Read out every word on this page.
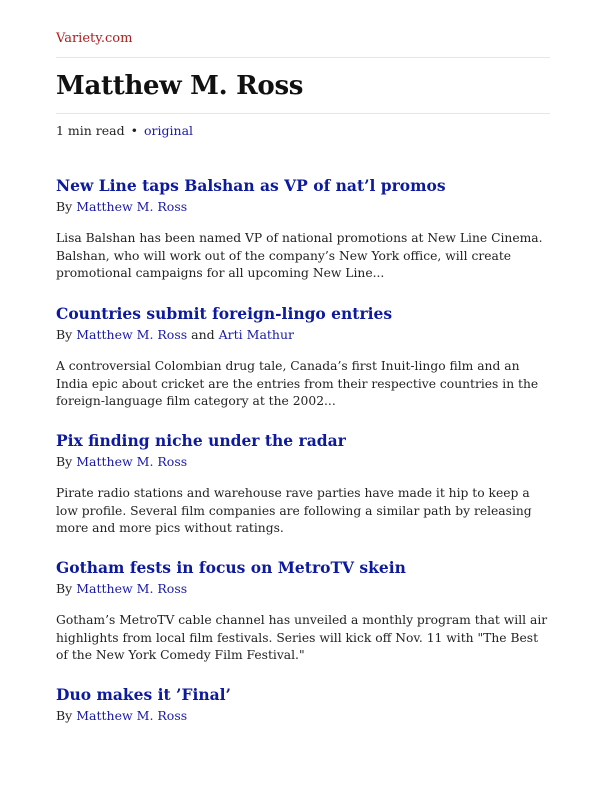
Variety.com
Matthew M. Ross
1 min read • original
New Line taps Balshan as VP of nat’l promos
By Matthew M. Ross

Lisa Balshan has been named VP of national promotions at New Line Cinema. Balshan, who will work out of the company’s New York office, will create promotional campaigns for all upcoming New Line...

Countries submit foreign-lingo entries
By Matthew M. Ross and Arti Mathur

A controversial Colombian drug tale, Canada’s first Inuit-lingo film and an India epic about cricket are the entries from their respective countries in the foreign-language film category at the 2002...

Pix finding niche under the radar
By Matthew M. Ross

Pirate radio stations and warehouse rave parties have made it hip to keep a low profile. Several film companies are following a similar path by releasing more and more pics without ratings.

Gotham fests in focus on MetroTV skein
By Matthew M. Ross

Gotham’s MetroTV cable channel has unveiled a monthly program that will air highlights from local film festivals. Series will kick off Nov. 11 with "The Best of the New York Comedy Film Festival."

Duo makes it ’Final’
By Matthew M. Ross
